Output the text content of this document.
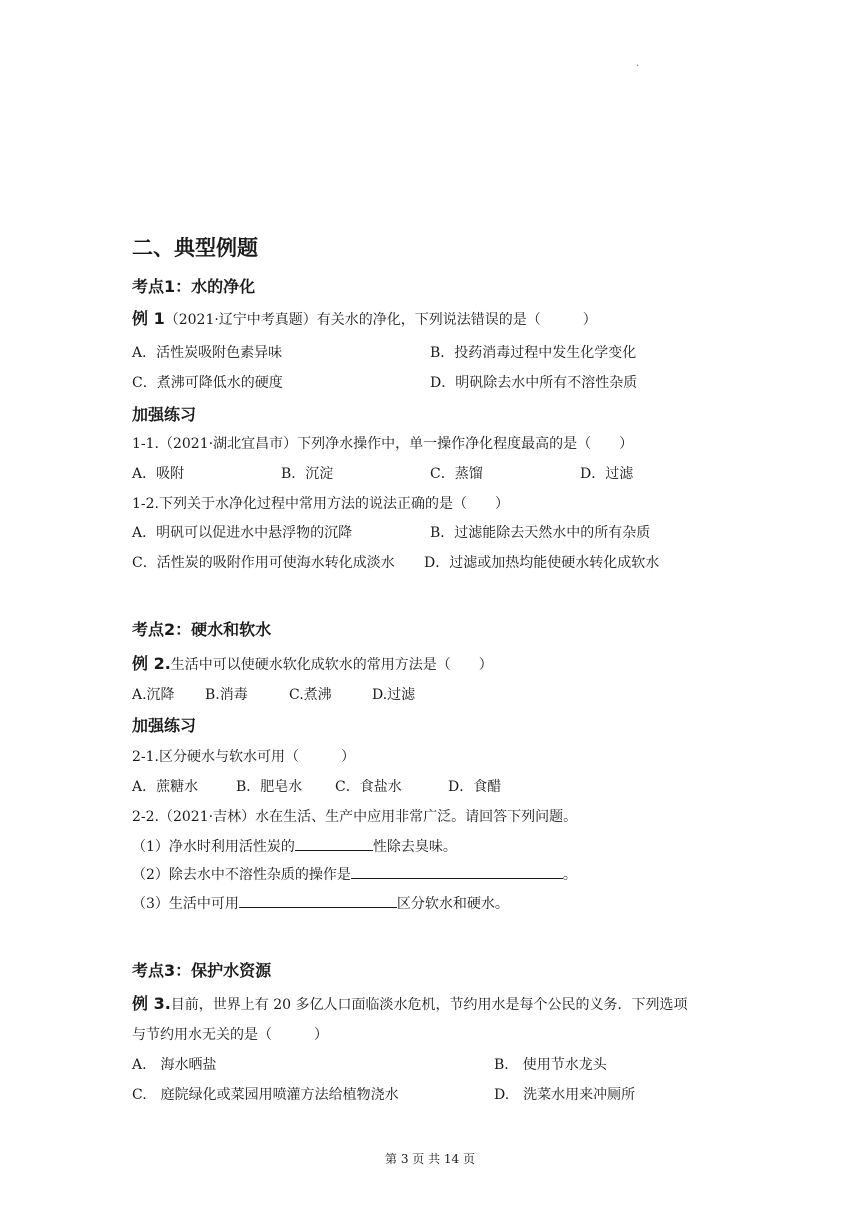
.
二、典型例题
考点1：水的净化
例 1（2021·辽宁中考真题）有关水的净化，下列说法错误的是（　　　）
A．活性炭吸附色素异味	B．投药消毒过程中发生化学变化
C．煮沸可降低水的硬度	D．明矾除去水中所有不溶性杂质
加强练习
1-1.（2021·湖北宜昌市）下列净水操作中，单一操作净化程度最高的是（　　）
A．吸附	B．沉淀	C．蒸馏	D．过滤
1-2.下列关于水净化过程中常用方法的说法正确的是（　　）
A．明矾可以促进水中悬浮物的沉降	B．过滤能除去天然水中的所有杂质
C．活性炭的吸附作用可使海水转化成淡水 D．过滤或加热均能使硬水转化成软水
考点2：硬水和软水
例 2.生活中可以使硬水软化成软水的常用方法是（　　）
A.沉降 B.消毒	C.煮沸	D.过滤
加强练习
2-1.区分硬水与软水可用（　　　）
A．蔗糖水	B．肥皂水 C．食盐水	D．食醋
2-2.（2021·吉林）水在生活、生产中应用非常广泛。请回答下列问题。
（1）净水时利用活性炭的	性除去臭味。
（2）除去水中不溶性杂质的操作是	。
（3）生活中可用	区分软水和硬水。
考点3：保护水资源
例 3.目前，世界上有 20 多亿人口面临淡水危机，节约用水是每个公民的义务．下列选项
与节约用水无关的是（　　　）
A.　海水晒盐	B.　使用节水龙头
C.　庭院绿化或菜园用喷灌方法给植物浇水	D.　洗菜水用来冲厕所
第 3 页 共 14 页
